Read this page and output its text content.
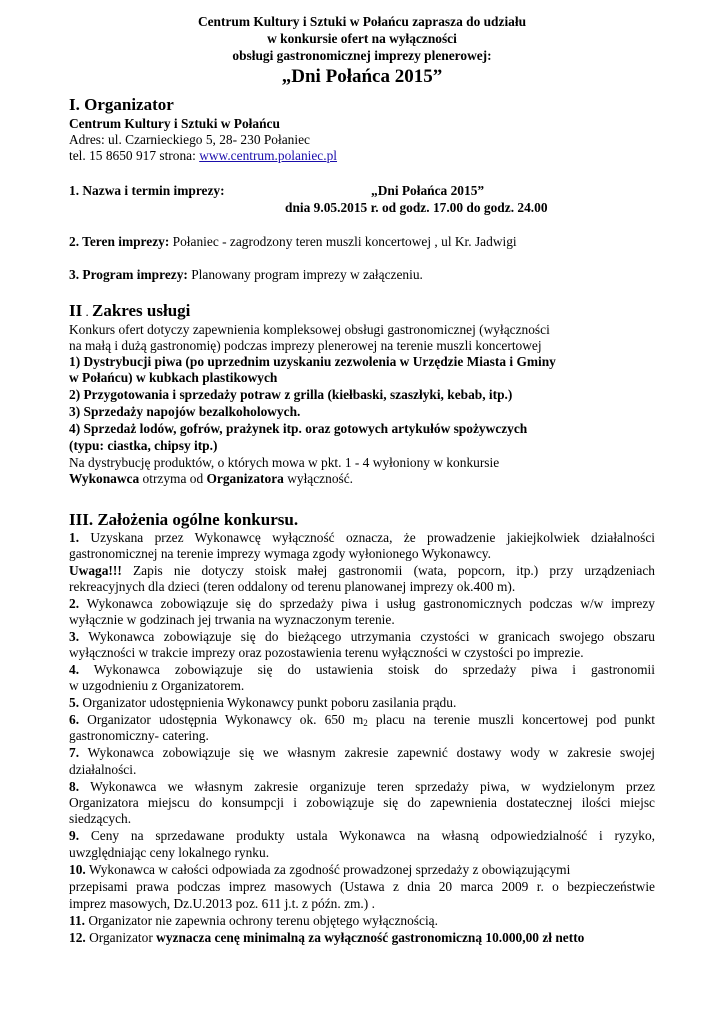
Centrum Kultury i Sztuki w Połańcu zaprasza do udziału
w konkursie ofert na wyłączności
obsługi gastronomicznej imprezy plenerowej:
„Dni Połańca 2015”
I. Organizator
Centrum Kultury i Sztuki w Połańcu
Adres: ul. Czarnieckiego 5, 28- 230 Połaniec
tel. 15 8650 917 strona: www.centrum.polaniec.pl
1. Nazwa i termin imprezy:	„Dni Połańca 2015”
dnia 9.05.2015 r. od godz. 17.00 do godz. 24.00
2. Teren imprezy: Połaniec - zagrodzony teren muszli koncertowej , ul Kr. Jadwigi
3. Program imprezy: Planowany program imprezy w załączeniu.
II . Zakres usługi
Konkurs ofert dotyczy zapewnienia kompleksowej obsługi gastronomicznej (wyłączności
na małą i dużą gastronomię) podczas imprezy plenerowej na terenie muszli koncertowej
1) Dystrybucji piwa (po uprzednim uzyskaniu zezwolenia w Urzędzie Miasta i Gminy
w Połańcu) w kubkach plastikowych
2) Przygotowania i sprzedaży potraw z grilla (kiełbaski, szaszłyki, kebab, itp.)
3) Sprzedaży napojów bezalkoholowych.
4) Sprzedaż lodów, gofrów, prażynek itp. oraz gotowych artykułów spożywczych
(typu: ciastka, chipsy itp.)
Na dystrybucję produktów, o których mowa w pkt. 1 - 4 wyłoniony w konkursie
Wykonawca otrzyma od Organizatora wyłączność.
III. Założenia ogólne konkursu.
1. Uzyskana przez Wykonawcę wyłączność oznacza, że prowadzenie jakiejkolwiek działalności
gastronomicznej na terenie imprezy wymaga zgody wyłonionego Wykonawcy.
Uwaga!!! Zapis nie dotyczy stoisk małej gastronomii (wata, popcorn, itp.) przy urządzeniach
rekreacyjnych dla dzieci (teren oddalony od terenu planowanej imprezy ok.400 m).
2. Wykonawca zobowiązuje się do sprzedaży piwa i usług gastronomicznych podczas w/w imprezy
wyłącznie w godzinach jej trwania na wyznaczonym terenie.
3. Wykonawca zobowiązuje się do bieżącego utrzymania czystości w granicach swojego obszaru
wyłączności w trakcie imprezy oraz pozostawienia terenu wyłączności w czystości po imprezie.
4. Wykonawca zobowiązuje się do ustawienia stoisk do sprzedaży piwa i gastronomii
w uzgodnieniu z Organizatorem.
5. Organizator udostępnienia Wykonawcy punkt poboru zasilania prądu.
6. Organizator udostępnia Wykonawcy ok. 650 $m_2$ placu na terenie muszli koncertowej pod punkt
gastronomiczny- catering.
7. Wykonawca zobowiązuje się we własnym zakresie zapewnić dostawy wody w zakresie swojej
działalności.
8. Wykonawca we własnym zakresie organizuje teren sprzedaży piwa, w wydzielonym przez
Organizatora miejscu do konsumpcji i zobowiązuje się do zapewnienia dostatecznej ilości miejsc
siedzących.
9. Ceny na sprzedawane produkty ustala Wykonawca na własną odpowiedzialność i ryzyko,
uwzględniając ceny lokalnego rynku.
10. Wykonawca w całości odpowiada za zgodność prowadzonej sprzedaży z obowiązującymi
przepisami prawa podczas imprez masowych (Ustawa z dnia 20 marca 2009 r. o bezpieczeństwie
imprez masowych, Dz.U.2013 poz. 611 j.t. z późn. zm.) .
11. Organizator nie zapewnia ochrony terenu objętego wyłącznością.
12. Organizator wyznacza cenę minimalną za wyłączność gastronomiczną 10.000,00 zł netto
